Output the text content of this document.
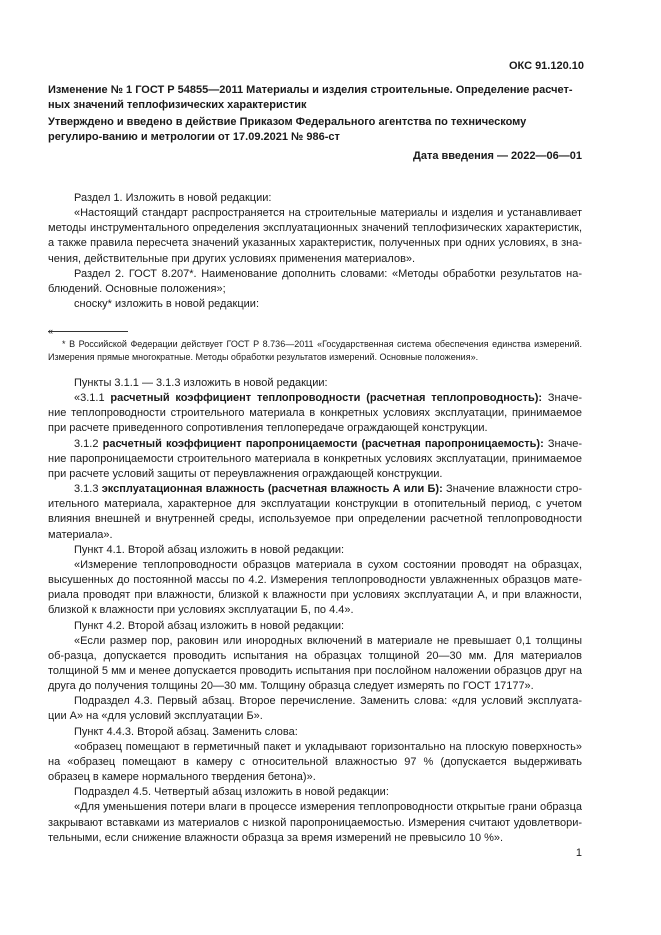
ОКС 91.120.10
Изменение № 1 ГОСТ Р 54855—2011 Материалы и изделия строительные. Определение расчет-ных значений теплофизических характеристик
Утверждено и введено в действие Приказом Федерального агентства по техническому регулиро-ванию и метрологии от 17.09.2021 № 986-ст
Дата введения — 2022—06—01

Раздел 1. Изложить в новой редакции:

«Настоящий стандарт распространяется на строительные материалы и изделия и устанавливает методы инструментального определения эксплуатационных значений теплофизических характеристик, а также правила пересчета значений указанных характеристик, полученных при одних условиях, в зна-чения, действительные при других условиях применения материалов».

Раздел 2. ГОСТ 8.207*. Наименование дополнить словами: «Методы обработки результатов на-блюдений. Основные положения»;

сноску* изложить в новой редакции:

«

* В Российской Федерации действует ГОСТ Р 8.736—2011 «Государственная система обеспечения единства измерений. Измерения прямые многократные. Методы обработки результатов измерений. Основные положения».

Пункты 3.1.1 — 3.1.3 изложить в новой редакции:

«3.1.1 расчетный коэффициент теплопроводности (расчетная теплопроводность): Значе-ние теплопроводности строительного материала в конкретных условиях эксплуатации, принимаемое при расчете приведенного сопротивления теплопередаче ограждающей конструкции.

3.1.2 расчетный коэффициент паропроницаемости (расчетная паропроницаемость): Значе-ние паропроницаемости строительного материала в конкретных условиях эксплуатации, принимаемое при расчете условий защиты от переувлажнения ограждающей конструкции.

3.1.3 эксплуатационная влажность (расчетная влажность А или Б): Значение влажности стро-ительного материала, характерное для эксплуатации конструкции в отопительный период, с учетом влияния внешней и внутренней среды, используемое при определении расчетной теплопроводности материала».

Пункт 4.1. Второй абзац изложить в новой редакции:

«Измерение теплопроводности образцов материала в сухом состоянии проводят на образцах, высушенных до постоянной массы по 4.2. Измерения теплопроводности увлажненных образцов мате-риала проводят при влажности, близкой к влажности при условиях эксплуатации А, и при влажности, близкой к влажности при условиях эксплуатации Б, по 4.4».

Пункт 4.2. Второй абзац изложить в новой редакции:

«Если размер пор, раковин или инородных включений в материале не превышает 0,1 толщины об-разца, допускается проводить испытания на образцах толщиной 20—30 мм. Для материалов толщиной 5 мм и менее допускается проводить испытания при послойном наложении образцов друг на друга до получения толщины 20—30 мм. Толщину образца следует измерять по ГОСТ 17177».

Подраздел 4.3. Первый абзац. Второе перечисление. Заменить слова: «для условий эксплуата-ции А» на «для условий эксплуатации Б».

Пункт 4.4.3. Второй абзац. Заменить слова:

«образец помещают в герметичный пакет и укладывают горизонтально на плоскую поверхность» на «образец помещают в камеру с относительной влажностью 97 % (допускается выдерживать образец в камере нормального твердения бетона)».

Подраздел 4.5. Четвертый абзац изложить в новой редакции:

«Для уменьшения потери влаги в процессе измерения теплопроводности открытые грани образца закрывают вставками из материалов с низкой паропроницаемостью. Измерения считают удовлетвори-тельными, если снижение влажности образца за время измерений не превысило 10 %».

1
